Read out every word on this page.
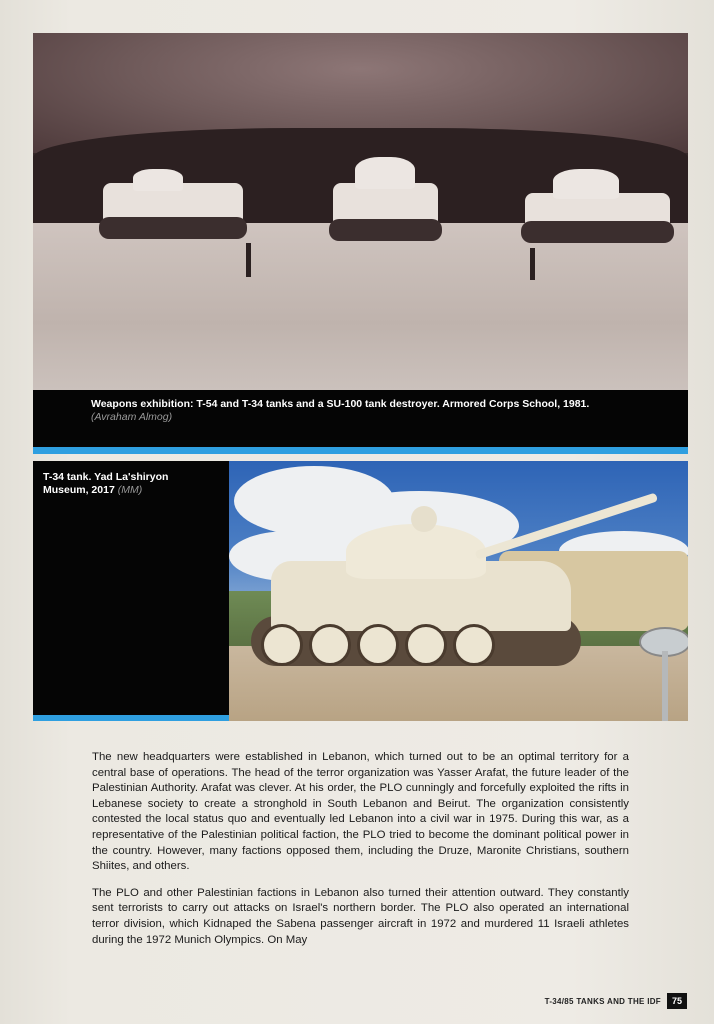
Weapons exhibition: T-54 and T-34 tanks and a SU-100 tank destroyer. Armored Corps School, 1981. (Avraham Almog)

T-34 tank. Yad La'shiryon Museum, 2017 (MM)

The new headquarters were established in Lebanon, which turned out to be an optimal territory for a central base of operations. The head of the terror organization was Yasser Arafat, the future leader of the Palestinian Authority. Arafat was clever. At his order, the PLO cunningly and forcefully exploited the rifts in Lebanese society to create a stronghold in South Lebanon and Beirut. The organization consistently contested the local status quo and eventually led Lebanon into a civil war in 1975. During this war, as a representative of the Palestinian political faction, the PLO tried to become the dominant political power in the country. However, many factions opposed them, including the Druze, Maronite Christians, southern Shiites, and others.

The PLO and other Palestinian factions in Lebanon also turned their attention outward. They constantly sent terrorists to carry out attacks on Israel's northern border. The PLO also operated an international terror division, which Kidnaped the Sabena passenger aircraft in 1972 and murdered 11 Israeli athletes during the 1972 Munich Olympics. On May

T-34/85 TANKS AND THE IDF	75
